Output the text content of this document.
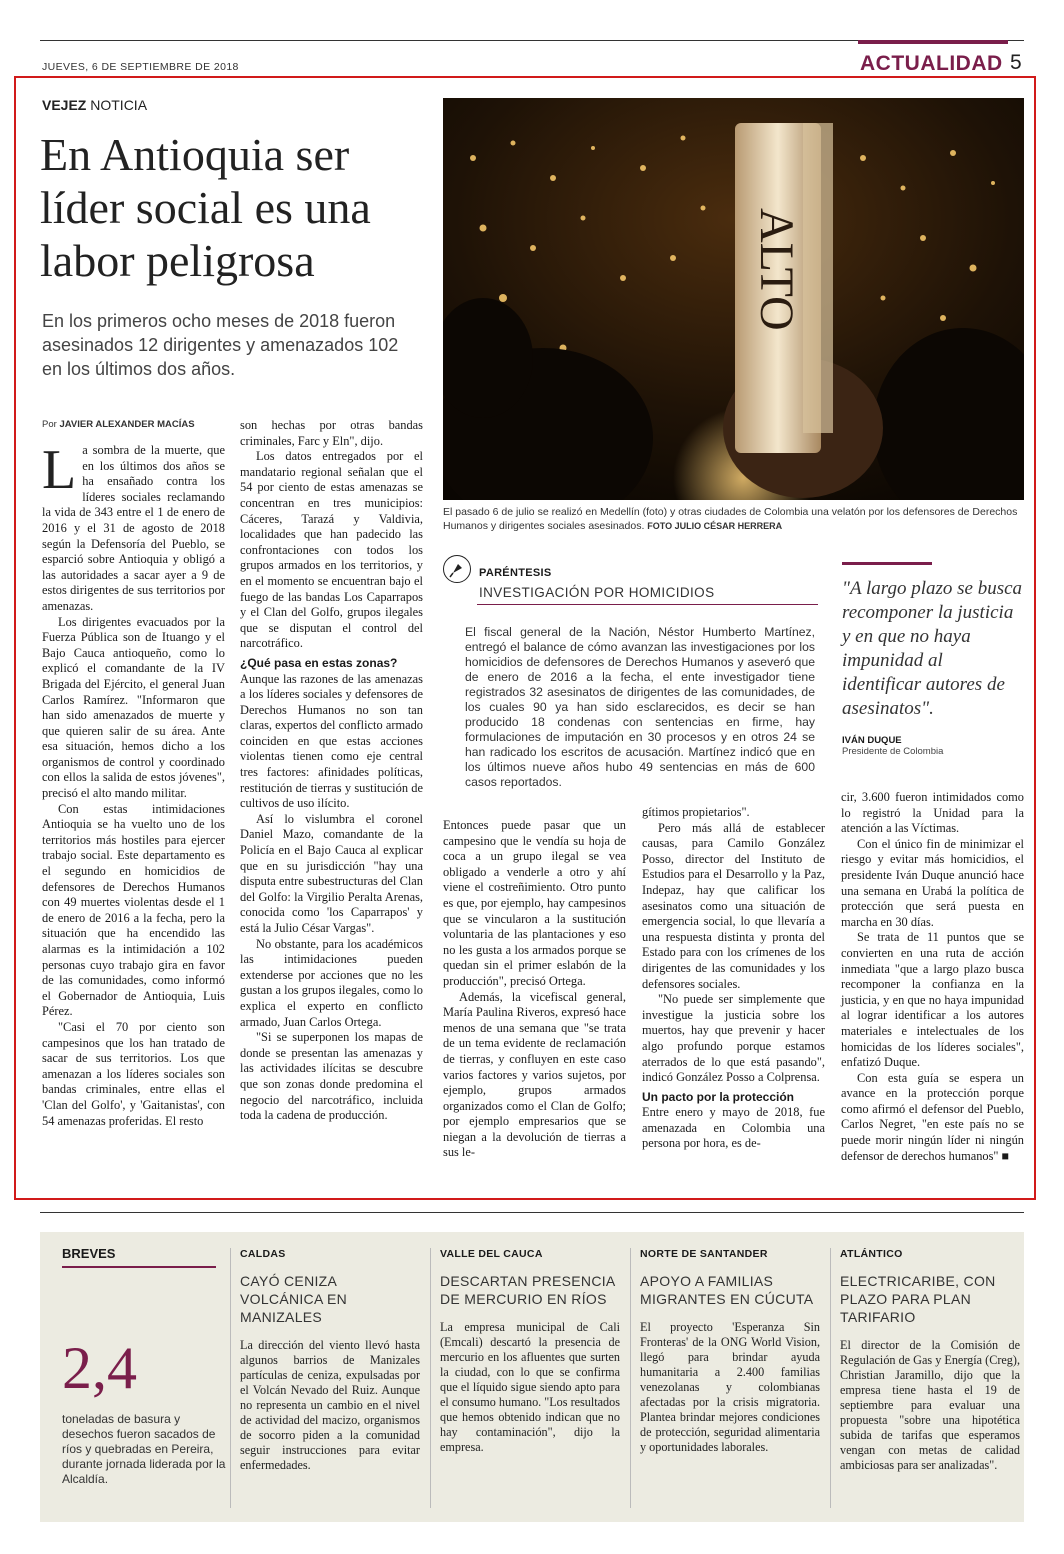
JUEVES, 6 DE SEPTIEMBRE DE 2018	ACTUALIDAD 5
VEJEZ NOTICIA
En Antioquia ser líder social es una labor peligrosa
En los primeros ocho meses de 2018 fueron asesinados 12 dirigentes y amenazados 102 en los últimos dos años.
ALTO
El pasado 6 de julio se realizó en Medellín (foto) y otras ciudades de Colombia una velatón por los defensores de Derechos Humanos y dirigentes sociales asesinados. FOTO JULIO CÉSAR HERRERA
Por JAVIER ALEXANDER MACÍAS
L a sombra de la muerte, que en los últimos dos años se ha ensañado contra los líderes sociales reclamando la vida de 343 entre el 1 de enero de 2016 y el 31 de agosto de 2018 según la Defensoría del Pueblo, se esparció sobre Antioquia y obligó a las autoridades a sacar ayer a 9 de estos dirigentes de sus territorios por amenazas.

Los dirigentes evacuados por la Fuerza Pública son de Ituango y el Bajo Cauca antioqueño, como lo explicó el comandante de la IV Brigada del Ejército, el general Juan Carlos Ramírez. "Informaron que han sido amenazados de muerte y que quieren salir de su área. Ante esa situación, hemos dicho a los organismos de control y coordinado con ellos la salida de estos jóvenes", precisó el alto mando militar.

Con estas intimidaciones Antioquia se ha vuelto uno de los territorios más hostiles para ejercer trabajo social. Este departamento es el segundo en homicidios de defensores de Derechos Humanos con 49 muertes violentas desde el 1 de enero de 2016 a la fecha, pero la situación que ha encendido las alarmas es la intimidación a 102 personas cuyo trabajo gira en favor de las comunidades, como informó el Gobernador de Antioquia, Luis Pérez.

"Casi el 70 por ciento son campesinos que los han tratado de sacar de sus territorios. Los que amenazan a los líderes sociales son bandas criminales, entre ellas el 'Clan del Golfo', y 'Gaitanistas', con 54 amenazas proferidas. El resto

son hechas por otras bandas criminales, Farc y Eln", dijo.

Los datos entregados por el mandatario regional señalan que el 54 por ciento de estas amenazas se concentran en tres municipios: Cáceres, Tarazá y Valdivia, localidades que han padecido las confrontaciones con todos los grupos armados en los territorios, y en el momento se encuentran bajo el fuego de las bandas Los Caparrapos y el Clan del Golfo, grupos ilegales que se disputan el control del narcotráfico.

¿Qué pasa en estas zonas?

Aunque las razones de las amenazas a los líderes sociales y defensores de Derechos Humanos no son tan claras, expertos del conflicto armado coinciden en que estas acciones violentas tienen como eje central tres factores: afinidades políticas, restitución de tierras y sustitución de cultivos de uso ilícito.

Así lo vislumbra el coronel Daniel Mazo, comandante de la Policía en el Bajo Cauca al explicar que en su jurisdicción "hay una disputa entre subestructuras del Clan del Golfo: la Virgilio Peralta Arenas, conocida como 'los Caparrapos' y está la Julio César Vargas".

No obstante, para los académicos las intimidaciones pueden extenderse por acciones que no les gustan a los grupos ilegales, como lo explica el experto en conflicto armado, Juan Carlos Ortega.

"Si se superponen los mapas de donde se presentan las amenazas y las actividades ilícitas se descubre que son zonas donde predomina el negocio del narcotráfico, incluida toda la cadena de producción.

PARÉNTESIS
INVESTIGACIÓN POR HOMICIDIOS
El fiscal general de la Nación, Néstor Humberto Martínez, entregó el balance de cómo avanzan las investigaciones por los homicidios de defensores de Derechos Humanos y aseveró que de enero de 2016 a la fecha, el ente investigador tiene registrados 32 asesinatos de dirigentes de las comunidades, de los cuales 90 ya han sido esclarecidos, es decir se han producido 18 condenas con sentencias en firme, hay formulaciones de imputación en 30 procesos y en otros 24 se han radicado los escritos de acusación. Martínez indicó que en los últimos nueve años hubo 49 sentencias en más de 600 casos reportados.
"A largo plazo se busca recomponer la justicia y en que no haya impunidad al identificar autores de asesinatos".
IVÁN DUQUE
Presidente de Colombia

Entonces puede pasar que un campesino que le vendía su hoja de coca a un grupo ilegal se vea obligado a venderle a otro y ahí viene el costreñimiento. Otro punto es que, por ejemplo, hay campesinos que se vincularon a la sustitución voluntaria de las plantaciones y eso no les gusta a los armados porque se quedan sin el primer eslabón de la producción", precisó Ortega.

Además, la vicefiscal general, María Paulina Riveros, expresó hace menos de una semana que "se trata de un tema evidente de reclamación de tierras, y confluyen en este caso varios factores y varios sujetos, por ejemplo, grupos armados organizados como el Clan de Golfo; por ejemplo empresarios que se niegan a la devolución de tierras a sus le-

gítimos propietarios".

Pero más allá de establecer causas, para Camilo González Posso, director del Instituto de Estudios para el Desarrollo y la Paz, Indepaz, hay que calificar los asesinatos como una situación de emergencia social, lo que llevaría a una respuesta distinta y pronta del Estado para con los crímenes de los dirigentes de las comunidades y los defensores sociales.

"No puede ser simplemente que investigue la justicia sobre los muertos, hay que prevenir y hacer algo profundo porque estamos aterrados de lo que está pasando", indicó González Posso a Colprensa.

Un pacto por la protección

Entre enero y mayo de 2018, fue amenazada en Colombia una persona por hora, es de-

cir, 3.600 fueron intimidados como lo registró la Unidad para la atención a las Víctimas.

Con el único fin de minimizar el riesgo y evitar más homicidios, el presidente Iván Duque anunció hace una semana en Urabá la política de protección que será puesta en marcha en 30 días.

Se trata de 11 puntos que se convierten en una ruta de acción inmediata "que a largo plazo busca recomponer la confianza en la justicia, y en que no haya impunidad al lograr identificar a los autores materiales e intelectuales de los homicidas de los líderes sociales", enfatizó Duque.

Con esta guía se espera un avance en la protección porque como afirmó el defensor del Pueblo, Carlos Negret, "en este país no se puede morir ningún líder ni ningún defensor de derechos humanos" ■

BREVES
2,4
toneladas de basura y desechos fueron sacados de ríos y quebradas en Pereira, durante jornada liderada por la Alcaldía.
CALDAS
CAYÓ CENIZA VOLCÁNICA EN MANIZALES
La dirección del viento llevó hasta algunos barrios de Manizales partículas de ceniza, expulsadas por el Volcán Nevado del Ruiz. Aunque no representa un cambio en el nivel de actividad del macizo, organismos de socorro piden a la comunidad seguir instrucciones para evitar enfermedades.
VALLE DEL CAUCA
DESCARTAN PRESENCIA DE MERCURIO EN RÍOS
La empresa municipal de Cali (Emcali) descartó la presencia de mercurio en los afluentes que surten la ciudad, con lo que se confirma que el líquido sigue siendo apto para el consumo humano. "Los resultados que hemos obtenido indican que no hay contaminación", dijo la empresa.
NORTE DE SANTANDER
APOYO A FAMILIAS MIGRANTES EN CÚCUTA
El proyecto 'Esperanza Sin Fronteras' de la ONG World Vision, llegó para brindar ayuda humanitaria a 2.400 familias venezolanas y colombianas afectadas por la crisis migratoria. Plantea brindar mejores condiciones de protección, seguridad alimentaria y oportunidades laborales.
ATLÁNTICO
ELECTRICARIBE, CON PLAZO PARA PLAN TARIFARIO
El director de la Comisión de Regulación de Gas y Energía (Creg), Christian Jaramillo, dijo que la empresa tiene hasta el 19 de septiembre para evaluar una propuesta "sobre una hipotética subida de tarifas que esperamos vengan con metas de calidad ambiciosas para ser analizadas".
